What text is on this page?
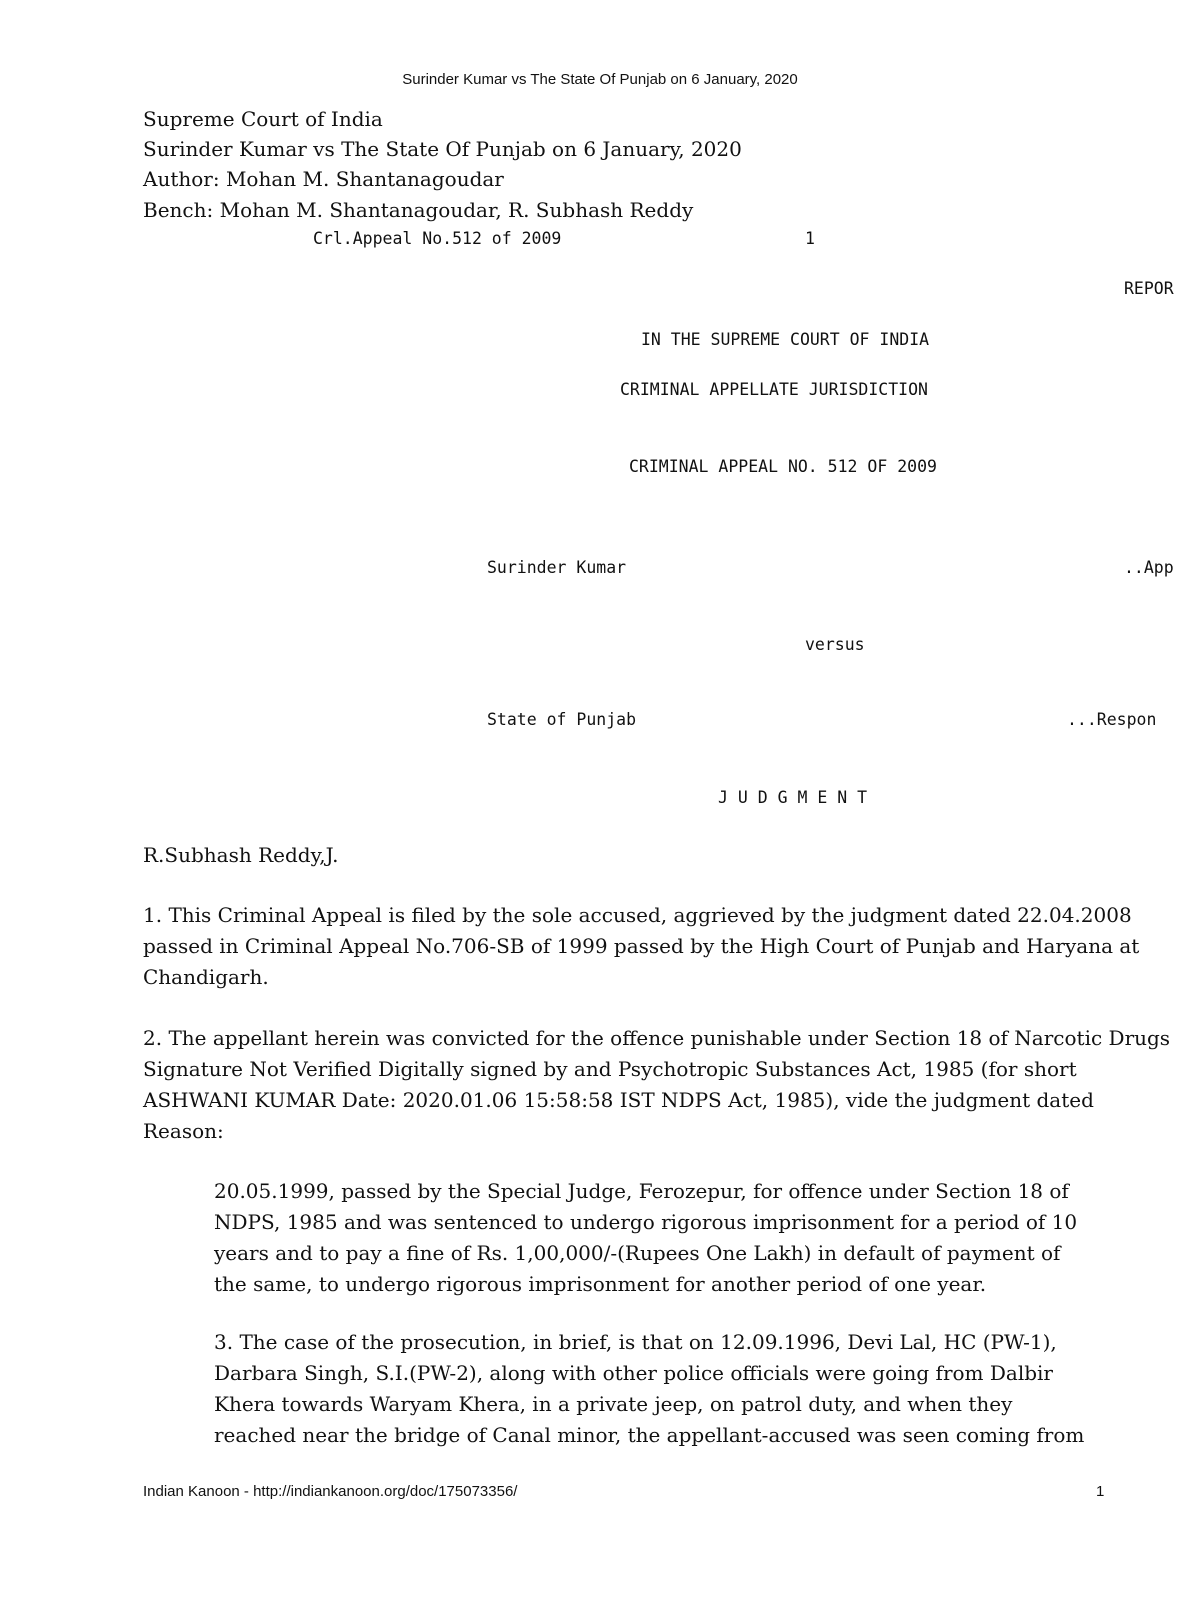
Surinder Kumar vs The State Of Punjab on 6 January, 2020
Supreme Court of India
Surinder Kumar vs The State Of Punjab on 6 January, 2020
Author: Mohan M. Shantanagoudar
Bench: Mohan M. Shantanagoudar, R. Subhash Reddy
Crl.Appeal No.512 of 2009	1
REPOR
IN THE SUPREME COURT OF INDIA
CRIMINAL APPELLATE JURISDICTION
CRIMINAL APPEAL NO. 512 OF 2009
Surinder Kumar	..App
versus
State of Punjab	...Respon
J U D G M E N T
R.Subhash Reddy,J.
1. This Criminal Appeal is filed by the sole accused, aggrieved by the judgment dated 22.04.2008
passed in Criminal Appeal No.706-SB of 1999 passed by the High Court of Punjab and Haryana at
Chandigarh.
2. The appellant herein was convicted for the offence punishable under Section 18 of Narcotic Drugs
Signature Not Verified Digitally signed by and Psychotropic Substances Act, 1985 (for short
ASHWANI KUMAR Date: 2020.01.06 15:58:58 IST NDPS Act, 1985), vide the judgment dated
Reason:
20.05.1999, passed by the Special Judge, Ferozepur, for offence under Section 18 of
NDPS, 1985 and was sentenced to undergo rigorous imprisonment for a period of 10
years and to pay a fine of Rs. 1,00,000/-(Rupees One Lakh) in default of payment of
the same, to undergo rigorous imprisonment for another period of one year.
3. The case of the prosecution, in brief, is that on 12.09.1996, Devi Lal, HC (PW-1),
Darbara Singh, S.I.(PW-2), along with other police officials were going from Dalbir
Khera towards Waryam Khera, in a private jeep, on patrol duty, and when they
reached near the bridge of Canal minor, the appellant-accused was seen coming from
Indian Kanoon - http://indiankanoon.org/doc/175073356/	1
